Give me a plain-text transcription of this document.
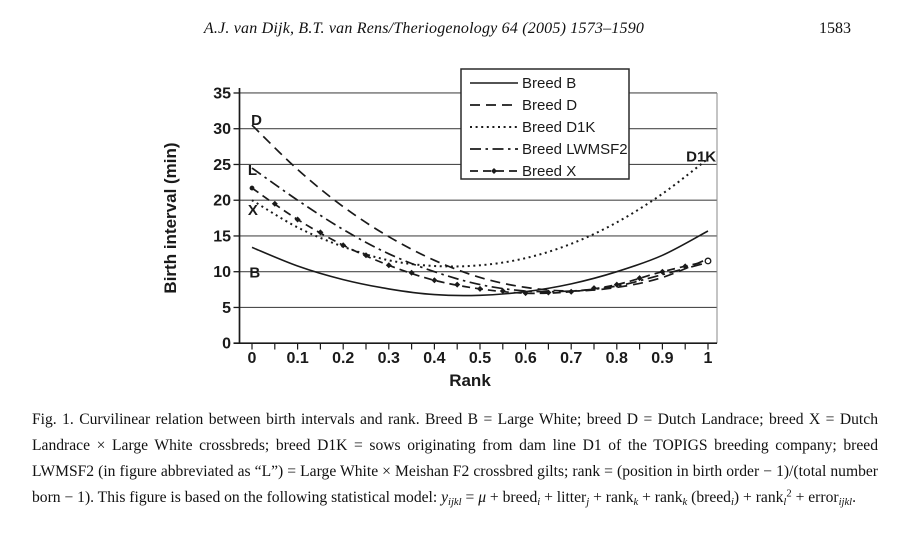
A.J. van Dijk, B.T. van Rens/Theriogenology 64 (2005) 1573–1590	1583
0
5
10
15
20
25
30
35
0 0.1 0.2 0.3 0.4 0.5 0.6 0.7 0.8 0.9 1
Rank
Birth interval (min)
D
L
X
B
D1K
Breed B
Breed D
Breed D1K
Breed LWMSF2
Breed X

Fig. 1. Curvilinear relation between birth intervals and rank. Breed B = Large White; breed D = Dutch Landrace; breed X = Dutch Landrace × Large White crossbreds; breed D1K = sows originating from dam line D1 of the TOPIGS breeding company; breed LWMSF2 (in figure abbreviated as “L”) = Large White × Meishan F2 crossbred gilts; rank = (position in birth order − 1)/(total number born − 1). This figure is based on the following statistical model: $y_{ijkl} = \mu$ + breed$_i$ + litter$_j$ + rank$_k$ + rank$_k$ (breed$_i$) + rank$_l^2$ + error$_{ijkl}$.
